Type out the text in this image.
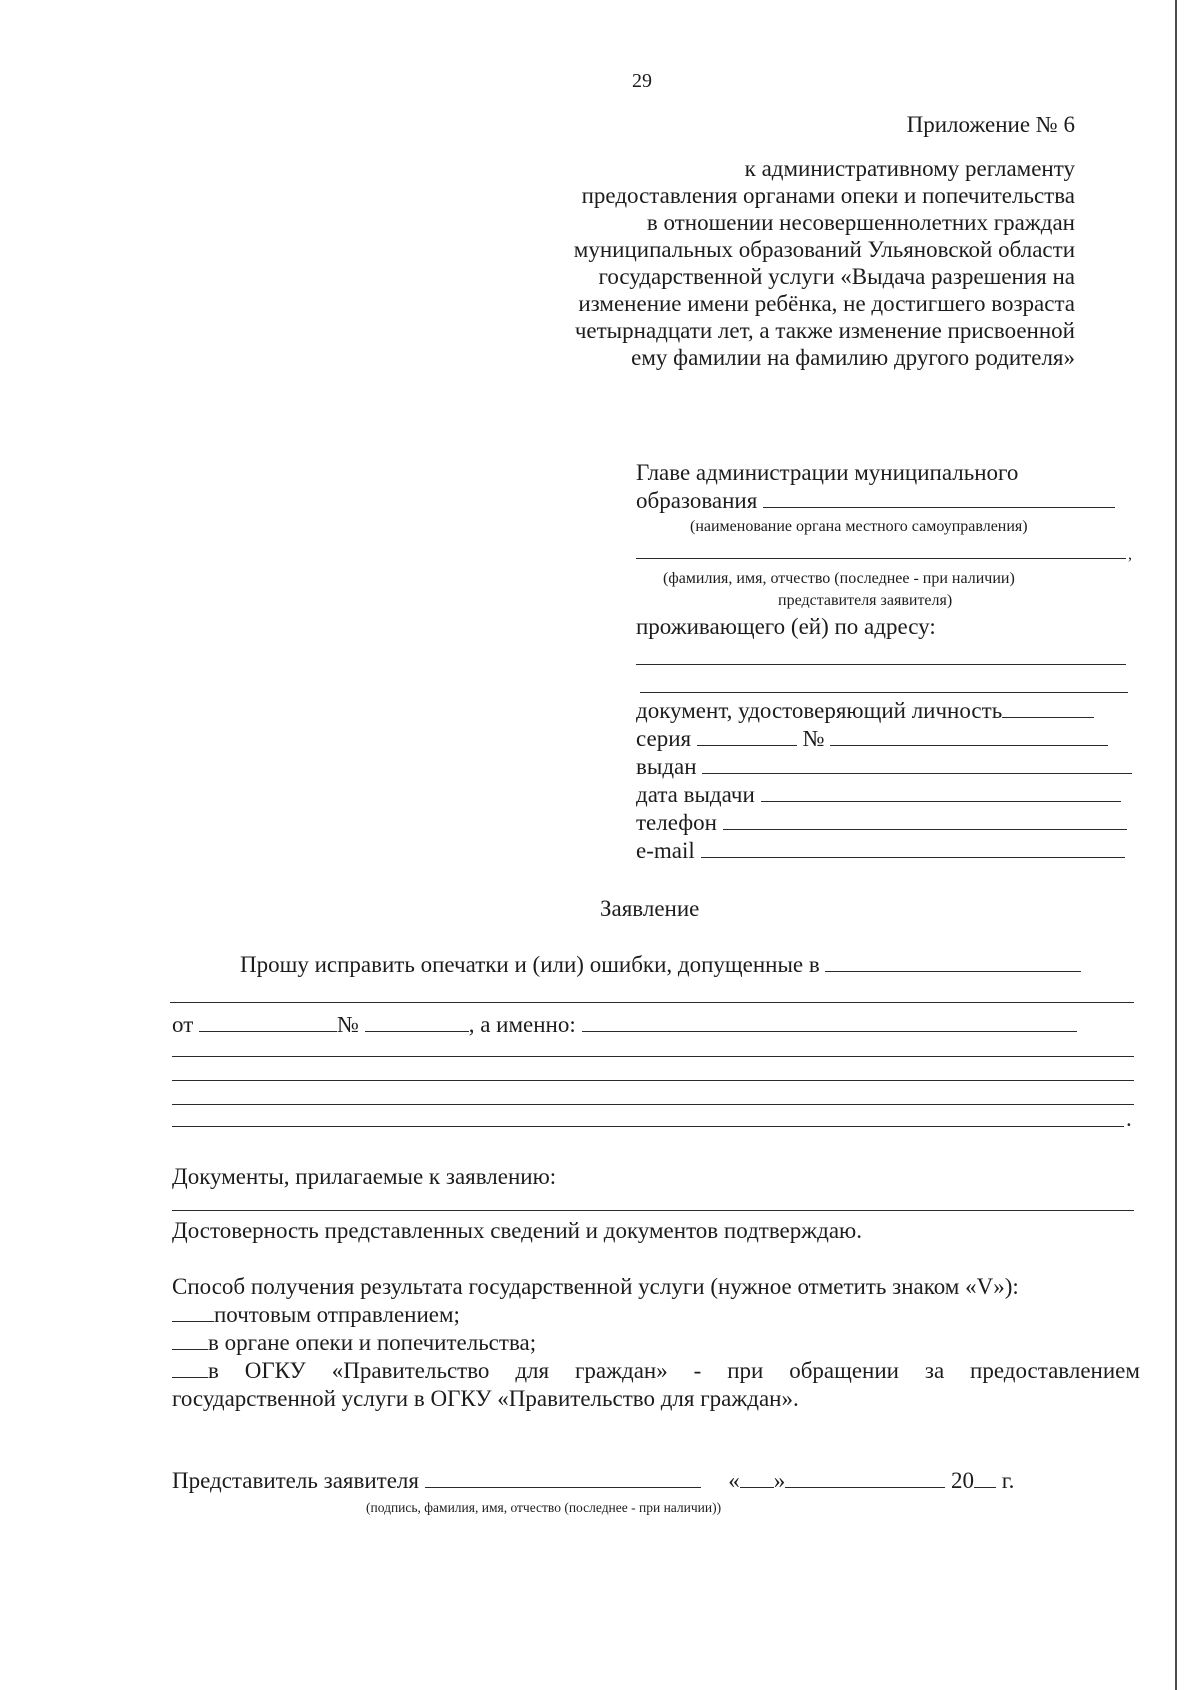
29
Приложение № 6
к административному регламенту
предоставления органами опеки и попечительства
в отношении несовершеннолетних граждан
муниципальных образований Ульяновской области
государственной услуги «Выдача разрешения на
изменение имени ребёнка, не достигшего возраста
четырнадцати лет, а также изменение присвоенной
ему фамилии на фамилию другого родителя»
Главе администрации муниципального
образования
(наименование органа местного самоуправления)
,
(фамилия, имя, отчество (последнее - при наличии)
представителя заявителя)
проживающего (ей) по адресу:
документ, удостоверяющий личность
серия	№
выдан
дата выдачи
телефон
e-mail
Заявление
Прошу исправить опечатки и (или) ошибки, допущенные в
от	№	, а именно:
.
Документы, прилагаемые к заявлению:
Достоверность представленных сведений и документов подтверждаю.
Способ получения результата государственной услуги (нужное отметить знаком «V»):
почтовым отправлением;
в органе опеки и попечительства;
в ОГКУ «Правительство для граждан» - при обращении за предоставлением
государственной услуги в ОГКУ «Правительство для граждан».
Представитель заявителя	« »	20 г.
(подпись, фамилия, имя, отчество (последнее - при наличии))
